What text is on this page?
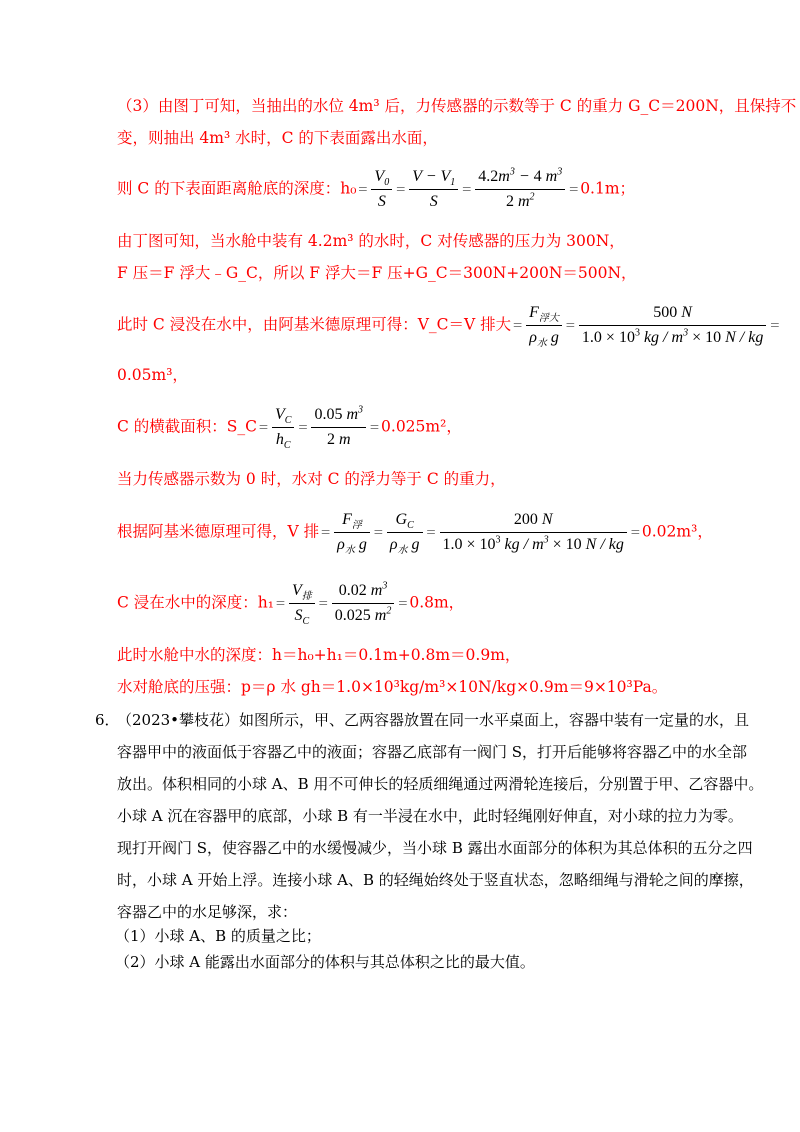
（3）由图丁可知，当抽出的水位 4m³ 后，力传感器的示数等于 C 的重力 G_C＝200N，且保持不
变，则抽出 4m³ 水时，C 的下表面露出水面，
则 C 的下表面距离舱底的深度：$h_0= \frac{V_0}{S} = \frac{V - V_1}{S} = \frac{4.2m^3 - 4 m^3}{2 m^2} =0.1m$；
由丁图可知，当水舱中装有 4.2m³ 的水时，C 对传感器的压力为 300N，
F 压＝F 浮大﹣G_C，所以 F 浮大＝F 压+G_C＝300N+200N＝500N，
此时 C 浸没在水中，由阿基米德原理可得：V_C＝V 排大＝ $\frac{F_{浮大}}{\rho_水 g} = \frac{500 N}{1.0 \times 10^3 kg / m^3 \times 10 N / kg}$ ＝
0.05m³，
C 的横截面积：S_C＝ $\frac{V_C}{h_C} = \frac{0.05 m^3}{2 m} =0.025m^2$，
当力传感器示数为 0 时，水对 C 的浮力等于 C 的重力，
根据阿基米德原理可得，V 排＝ $\frac{F_浮}{\rho_水 g} = \frac{G_C}{\rho_水 g} = \frac{200 N}{1.0 \times 10^3 kg / m^3 \times 10 N / kg} =0.02m^3$，
C 浸在水中的深度：$h_1= \frac{V_排}{S_C} = \frac{0.02 m^3}{0.025 m^2} =0.8m$，
此时水舱中水的深度：h＝h₀+h₁＝0.1m+0.8m＝0.9m，
水对舱底的压强：p＝ρ 水 gh＝1.0×10³kg/m³×10N/kg×0.9m＝9×10³Pa。
6．
（2023•攀枝花）如图所示，甲、乙两容器放置在同一水平桌面上，容器中装有一定量的水，且
容器甲中的液面低于容器乙中的液面；容器乙底部有一阀门 S，打开后能够将容器乙中的水全部
放出。体积相同的小球 A、B 用不可伸长的轻质细绳通过两滑轮连接后，分别置于甲、乙容器中。
小球 A 沉在容器甲的底部，小球 B 有一半浸在水中，此时轻绳刚好伸直，对小球的拉力为零。
现打开阀门 S，使容器乙中的水缓慢减少，当小球 B 露出水面部分的体积为其总体积的五分之四
时，小球 A 开始上浮。连接小球 A、B 的轻绳始终处于竖直状态，忽略细绳与滑轮之间的摩擦，
容器乙中的水足够深，求：
（1）小球 A、B 的质量之比；
（2）小球 A 能露出水面部分的体积与其总体积之比的最大值。
